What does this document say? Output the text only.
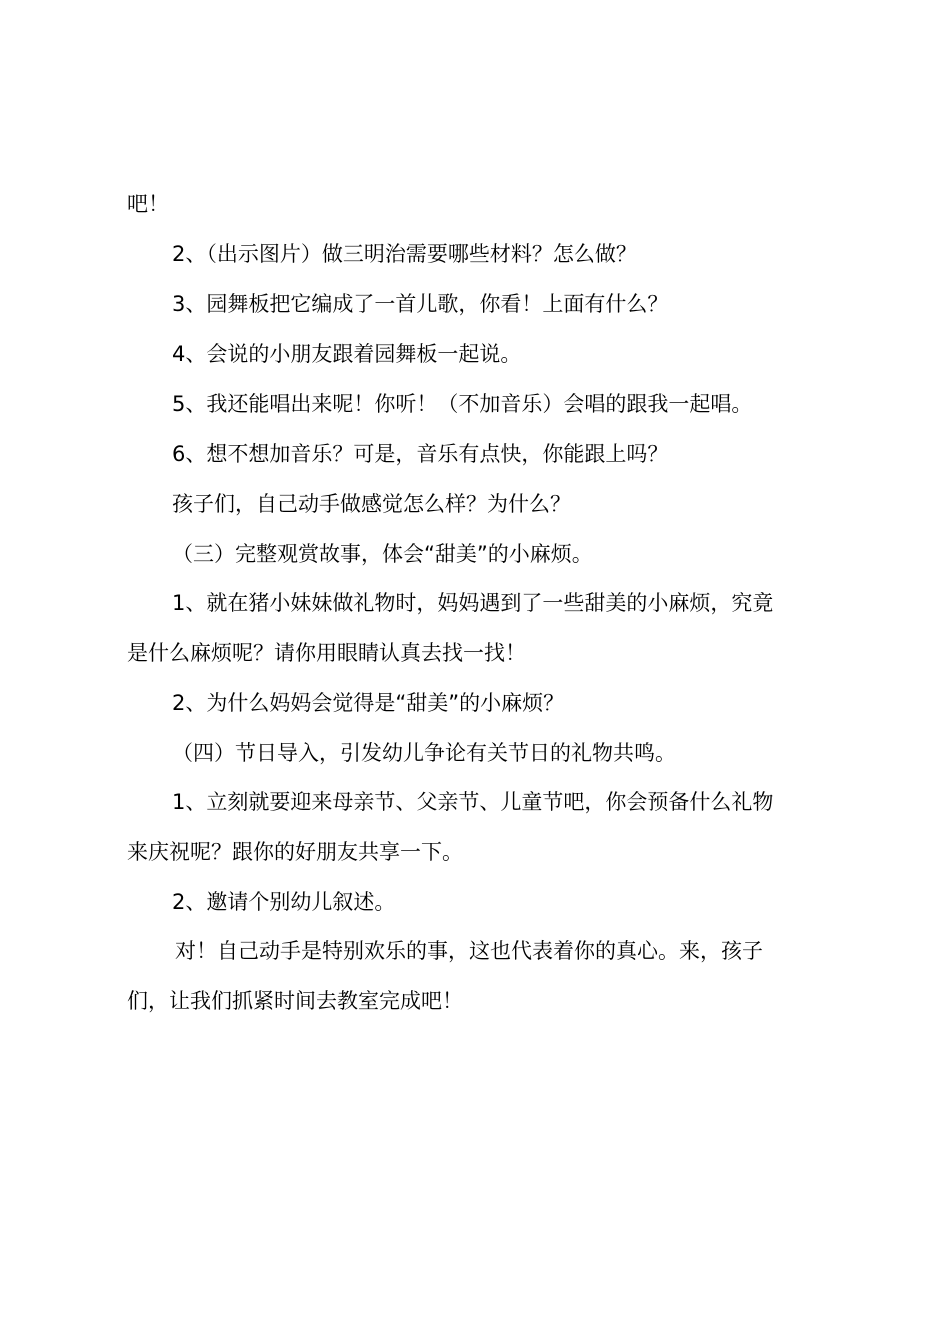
吧！
2、（出示图片）做三明治需要哪些材料？怎么做？
3、园舞板把它编成了一首儿歌，你看！上面有什么？
4、会说的小朋友跟着园舞板一起说。
5、我还能唱出来呢！你听！（不加音乐）会唱的跟我一起唱。
6、想不想加音乐？可是，音乐有点快，你能跟上吗？
孩子们，自己动手做感觉怎么样？为什么？
（三）完整观赏故事，体会“甜美”的小麻烦。
1、就在猪小妹妹做礼物时，妈妈遇到了一些甜美的小麻烦，究竟
是什么麻烦呢？请你用眼睛认真去找一找！
2、为什么妈妈会觉得是“甜美”的小麻烦？
（四）节日导入，引发幼儿争论有关节日的礼物共鸣。
1、立刻就要迎来母亲节、父亲节、儿童节吧，你会预备什么礼物
来庆祝呢？跟你的好朋友共享一下。
2、邀请个别幼儿叙述。
对！自己动手是特别欢乐的事，这也代表着你的真心。来，孩子
们，让我们抓紧时间去教室完成吧！
